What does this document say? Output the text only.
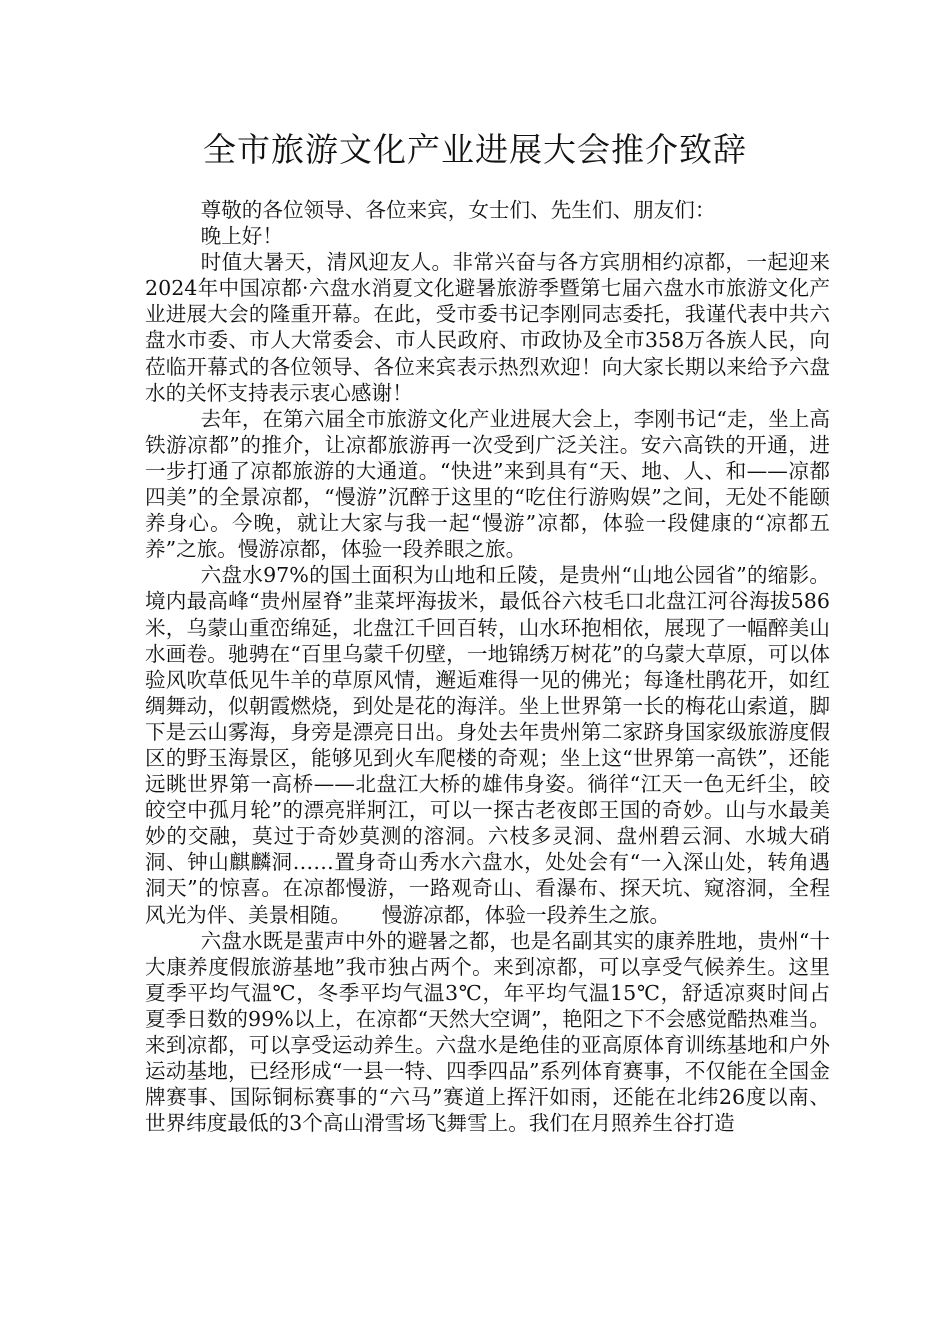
全市旅游文化产业进展大会推介致辞

尊敬的各位领导、各位来宾，女士们、先生们、朋友们：

晚上好！

时值大暑天，清风迎友人。非常兴奋与各方宾朋相约凉都，一起迎来2024年中国凉都·六盘水消夏文化避暑旅游季暨第七届六盘水市旅游文化产业进展大会的隆重开幕。在此，受市委书记李刚同志委托，我谨代表中共六盘水市委、市人大常委会、市人民政府、市政协及全市358万各族人民，向莅临开幕式的各位领导、各位来宾表示热烈欢迎！向大家长期以来给予六盘水的关怀支持表示衷心感谢！

去年，在第六届全市旅游文化产业进展大会上，李刚书记“走，坐上高铁游凉都”的推介，让凉都旅游再一次受到广泛关注。安六高铁的开通，进一步打通了凉都旅游的大通道。“快进”来到具有“天、地、人、和——凉都四美”的全景凉都，“慢游”沉醉于这里的“吃住行游购娱”之间，无处不能颐养身心。今晚，就让大家与我一起“慢游”凉都，体验一段健康的“凉都五养”之旅。慢游凉都，体验一段养眼之旅。

六盘水97%的国土面积为山地和丘陵，是贵州“山地公园省”的缩影。境内最高峰“贵州屋脊”韭菜坪海拔米，最低谷六枝毛口北盘江河谷海拔586米，乌蒙山重峦绵延，北盘江千回百转，山水环抱相依，展现了一幅醉美山水画卷。驰骋在“百里乌蒙千仞壁，一地锦绣万树花”的乌蒙大草原，可以体验风吹草低见牛羊的草原风情，邂逅难得一见的佛光；每逢杜鹃花开，如红绸舞动，似朝霞燃烧，到处是花的海洋。坐上世界第一长的梅花山索道，脚下是云山雾海，身旁是漂亮日出。身处去年贵州第二家跻身国家级旅游度假区的野玉海景区，能够见到火车爬楼的奇观；坐上这“世界第一高铁”，还能远眺世界第一高桥——北盘江大桥的雄伟身姿。徜徉“江天一色无纤尘，皎皎空中孤月轮”的漂亮牂牁江，可以一探古老夜郎王国的奇妙。山与水最美妙的交融，莫过于奇妙莫测的溶洞。六枝多灵洞、盘州碧云洞、水城大硝洞、钟山麒麟洞……置身奇山秀水六盘水，处处会有“一入深山处，转角遇洞天”的惊喜。在凉都慢游，一路观奇山、看瀑布、探天坑、窥溶洞，全程风光为伴、美景相随。　　慢游凉都，体验一段养生之旅。

六盘水既是蜚声中外的避暑之都，也是名副其实的康养胜地，贵州“十大康养度假旅游基地”我市独占两个。来到凉都，可以享受气候养生。这里夏季平均气温℃，冬季平均气温3℃，年平均气温15℃，舒适凉爽时间占夏季日数的99%以上，在凉都“天然大空调”，艳阳之下不会感觉酷热难当。来到凉都，可以享受运动养生。六盘水是绝佳的亚高原体育训练基地和户外运动基地，已经形成“一县一特、四季四品”系列体育赛事，不仅能在全国金牌赛事、国际铜标赛事的“六马”赛道上挥汗如雨，还能在北纬26度以南、世界纬度最低的3个高山滑雪场飞舞雪上。我们在月照养生谷打造
